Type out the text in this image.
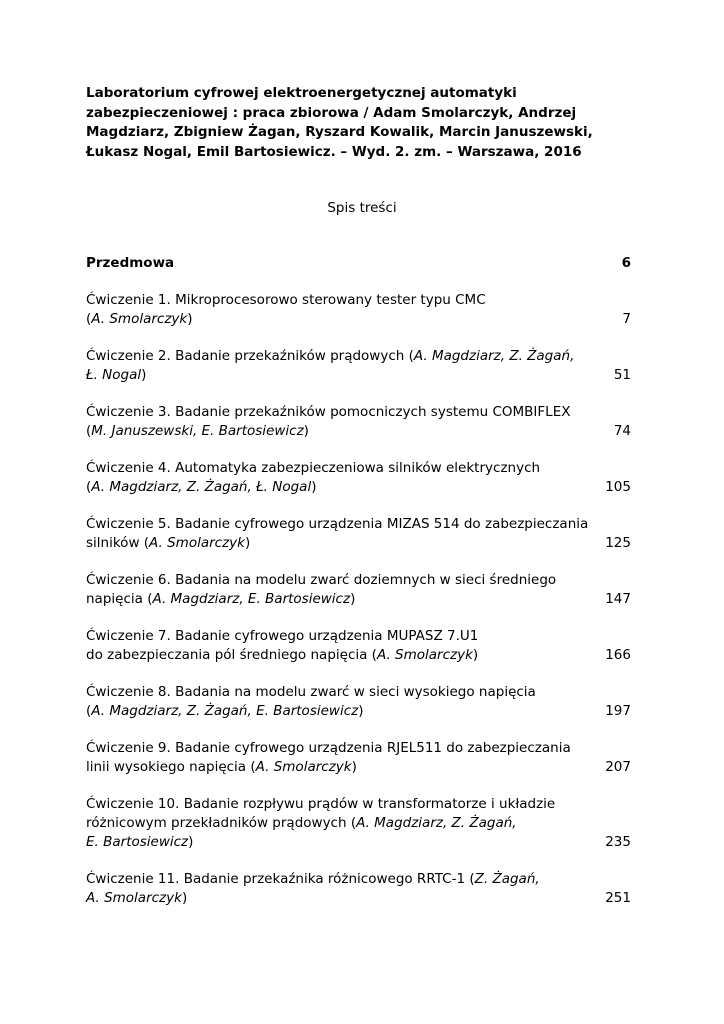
Laboratorium cyfrowej elektroenergetycznej automatyki
zabezpieczeniowej : praca zbiorowa / Adam Smolarczyk, Andrzej
Magdziarz, Zbigniew Żagan, Ryszard Kowalik, Marcin Januszewski,
Łukasz Nogal, Emil Bartosiewicz. – Wyd. 2. zm. – Warszawa, 2016
Spis treści
Przedmowa	6
Ćwiczenie 1. Mikroprocesorowo sterowany tester typu CMC
(A. Smolarczyk)	7
Ćwiczenie 2. Badanie przekaźników prądowych (A. Magdziarz, Z. Żagań,
Ł. Nogal)	51
Ćwiczenie 3. Badanie przekaźników pomocniczych systemu COMBIFLEX
(M. Januszewski, E. Bartosiewicz)	74
Ćwiczenie 4. Automatyka zabezpieczeniowa silników elektrycznych
(A. Magdziarz, Z. Żagań, Ł. Nogal)	105
Ćwiczenie 5. Badanie cyfrowego urządzenia MIZAS 514 do zabezpieczania
silników (A. Smolarczyk)	125
Ćwiczenie 6. Badania na modelu zwarć doziemnych w sieci średniego
napięcia (A. Magdziarz, E. Bartosiewicz)	147
Ćwiczenie 7. Badanie cyfrowego urządzenia MUPASZ 7.U1
do zabezpieczania pól średniego napięcia (A. Smolarczyk)	166
Ćwiczenie 8. Badania na modelu zwarć w sieci wysokiego napięcia
(A. Magdziarz, Z. Żagań, E. Bartosiewicz)	197
Ćwiczenie 9. Badanie cyfrowego urządzenia RJEL511 do zabezpieczania
linii wysokiego napięcia (A. Smolarczyk)	207
Ćwiczenie 10. Badanie rozpływu prądów w transformatorze i układzie
różnicowym przekładników prądowych (A. Magdziarz, Z. Żagań,
E. Bartosiewicz)	235
Ćwiczenie 11. Badanie przekaźnika różnicowego RRTC-1 (Z. Żagań,
A. Smolarczyk)	251
